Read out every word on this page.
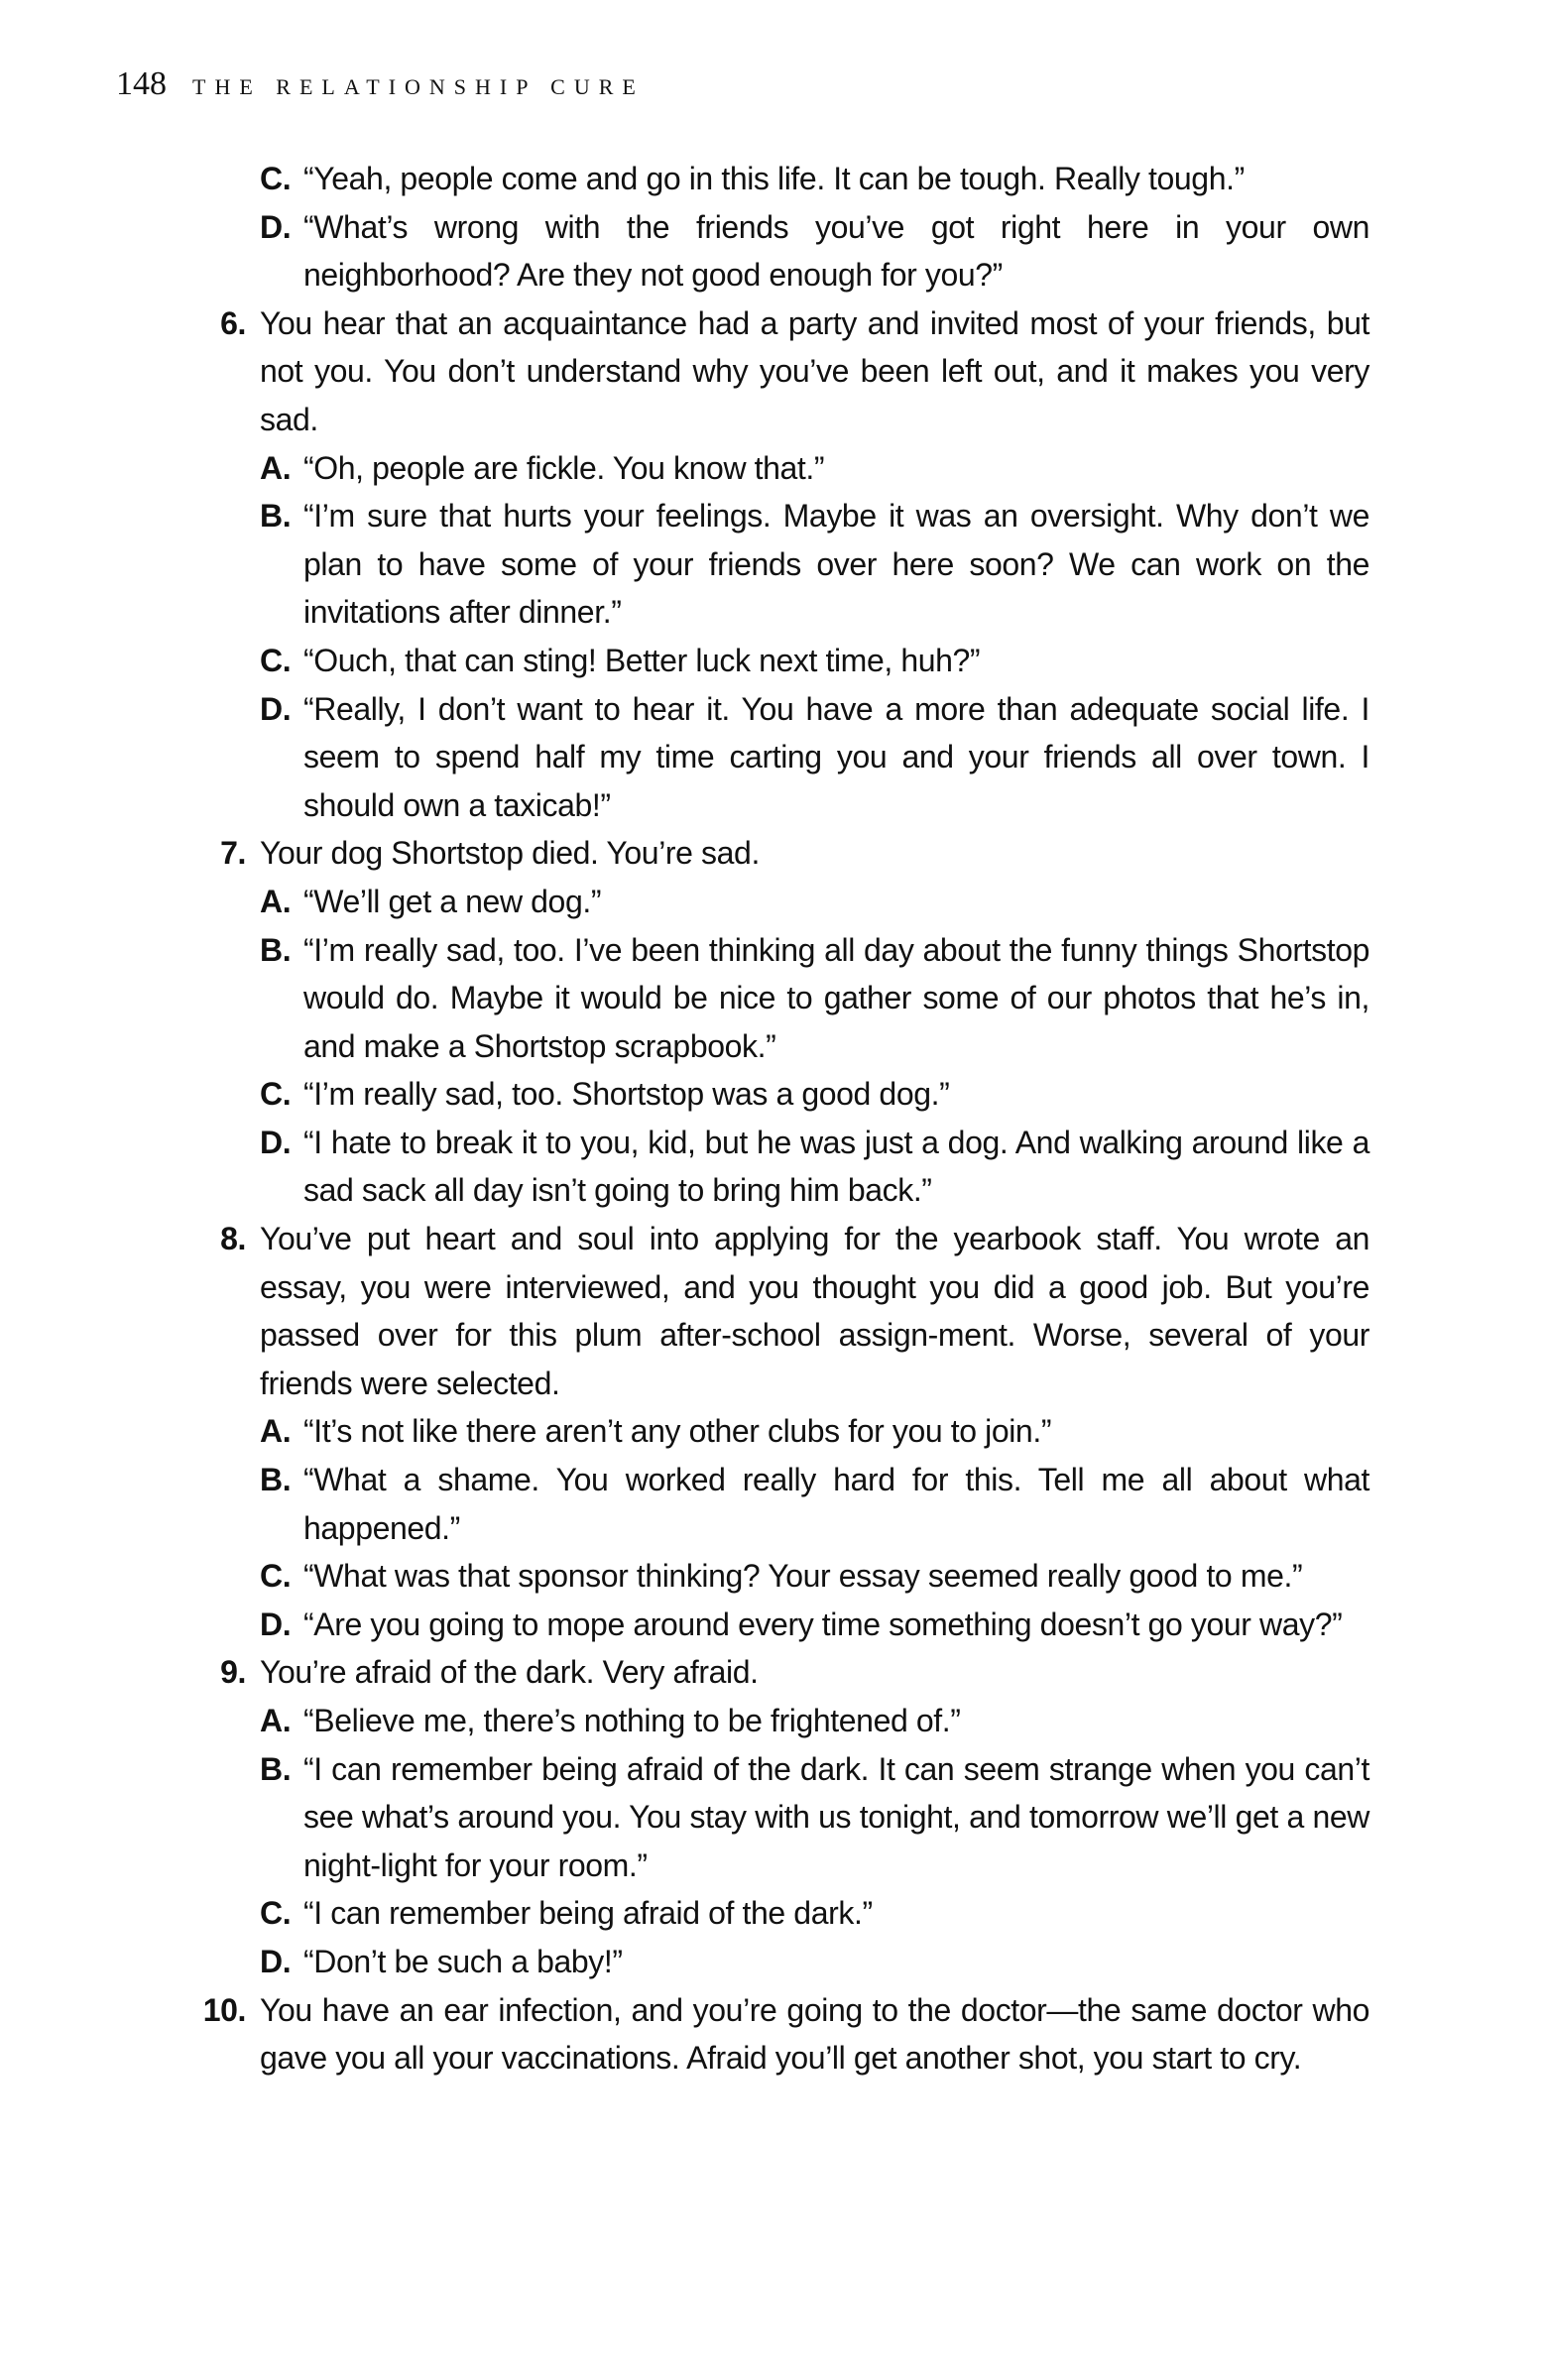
148 THE RELATIONSHIP CURE
C. “Yeah, people come and go in this life. It can be tough. Really tough.”
D. “What’s wrong with the friends you’ve got right here in your own neighborhood? Are they not good enough for you?”
6. You hear that an acquaintance had a party and invited most of your friends, but not you. You don’t understand why you’ve been left out, and it makes you very sad.
A. “Oh, people are fickle. You know that.”
B. “I’m sure that hurts your feelings. Maybe it was an oversight. Why don’t we plan to have some of your friends over here soon? We can work on the invitations after dinner.”
C. “Ouch, that can sting! Better luck next time, huh?”
D. “Really, I don’t want to hear it. You have a more than adequate social life. I seem to spend half my time carting you and your friends all over town. I should own a taxicab!”
7. Your dog Shortstop died. You’re sad.
A. “We’ll get a new dog.”
B. “I’m really sad, too. I’ve been thinking all day about the funny things Shortstop would do. Maybe it would be nice to gather some of our photos that he’s in, and make a Shortstop scrapbook.”
C. “I’m really sad, too. Shortstop was a good dog.”
D. “I hate to break it to you, kid, but he was just a dog. And walking around like a sad sack all day isn’t going to bring him back.”
8. You’ve put heart and soul into applying for the yearbook staff. You wrote an essay, you were interviewed, and you thought you did a good job. But you’re passed over for this plum after-school assign-ment. Worse, several of your friends were selected.
A. “It’s not like there aren’t any other clubs for you to join.”
B. “What a shame. You worked really hard for this. Tell me all about what happened.”
C. “What was that sponsor thinking? Your essay seemed really good to me.”
D. “Are you going to mope around every time something doesn’t go your way?”
9. You’re afraid of the dark. Very afraid.
A. “Believe me, there’s nothing to be frightened of.”
B. “I can remember being afraid of the dark. It can seem strange when you can’t see what’s around you. You stay with us tonight, and tomorrow we’ll get a new night-light for your room.”
C. “I can remember being afraid of the dark.”
D. “Don’t be such a baby!”
10. You have an ear infection, and you’re going to the doctor—the same doctor who gave you all your vaccinations. Afraid you’ll get another shot, you start to cry.
